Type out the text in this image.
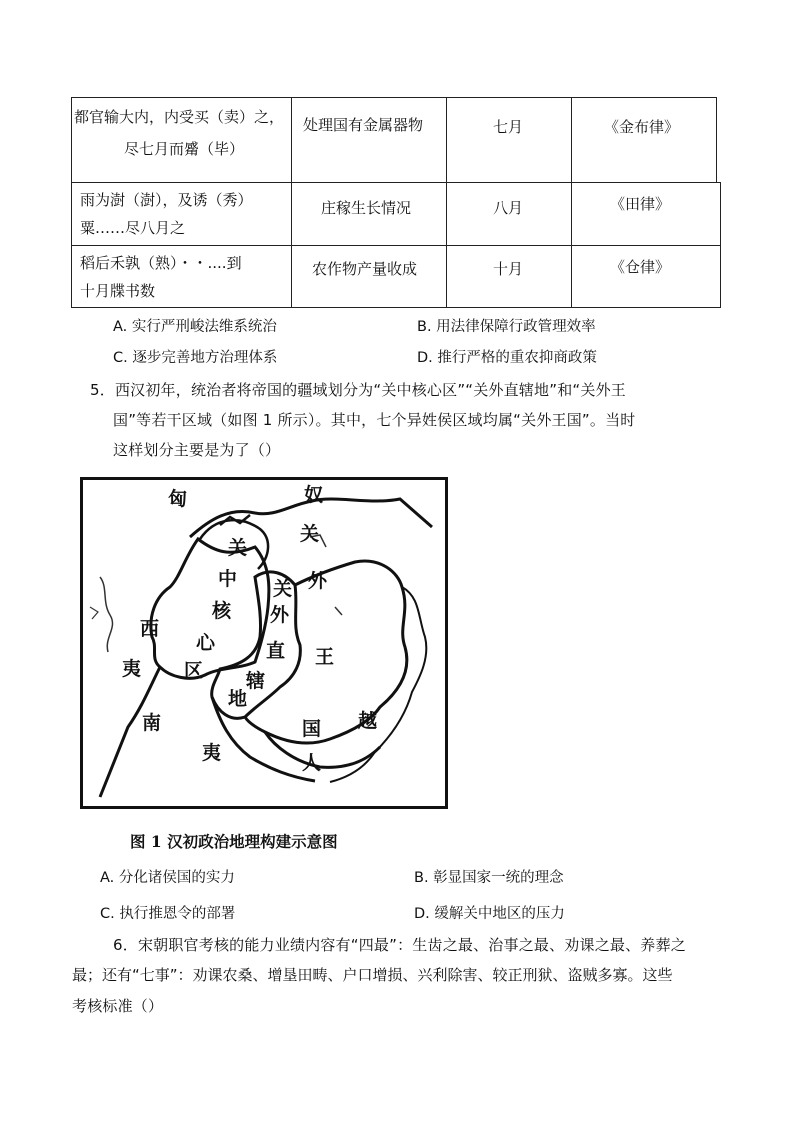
都官输大内，内受买（卖）之，
尽七月而觱（毕）
处理国有金属器物	七月	《金布律》
雨为澍（澍），及诱（秀）
粟……尽八月之
庄稼生长情况	八月	《田律》
稻后禾孰（熟）・・....到
十月牒书数
农作物产量收成	十月	《仓律》
A. 实行严刑峻法维系统治	B. 用法律保障行政管理效率
C. 逐步完善地方治理体系	D. 推行严格的重农抑商政策
5．西汉初年，统治者将帝国的疆域划分为“关中核心区”“关外直辖地”和“关外王
国”等若干区域（如图 1 所示）。其中，七个异姓侯区域均属“关外王国”。当时
这样划分主要是为了（）
匈	奴
关
中
核
心
区
关
外
直
辖
地
关
外
王
国
西
夷
南
夷
越
人
图 1 汉初政治地理构建示意图
A. 分化诸侯国的实力	B. 彰显国家一统的理念
C. 执行推恩令的部署	D. 缓解关中地区的压力
6．宋朝职官考核的能力业绩内容有“四最”：生齿之最、治事之最、劝课之最、养葬之
最；还有“七事”：劝课农桑、增垦田畴、户口增损、兴利除害、较正刑狱、盗贼多寡。这些
考核标准（）
